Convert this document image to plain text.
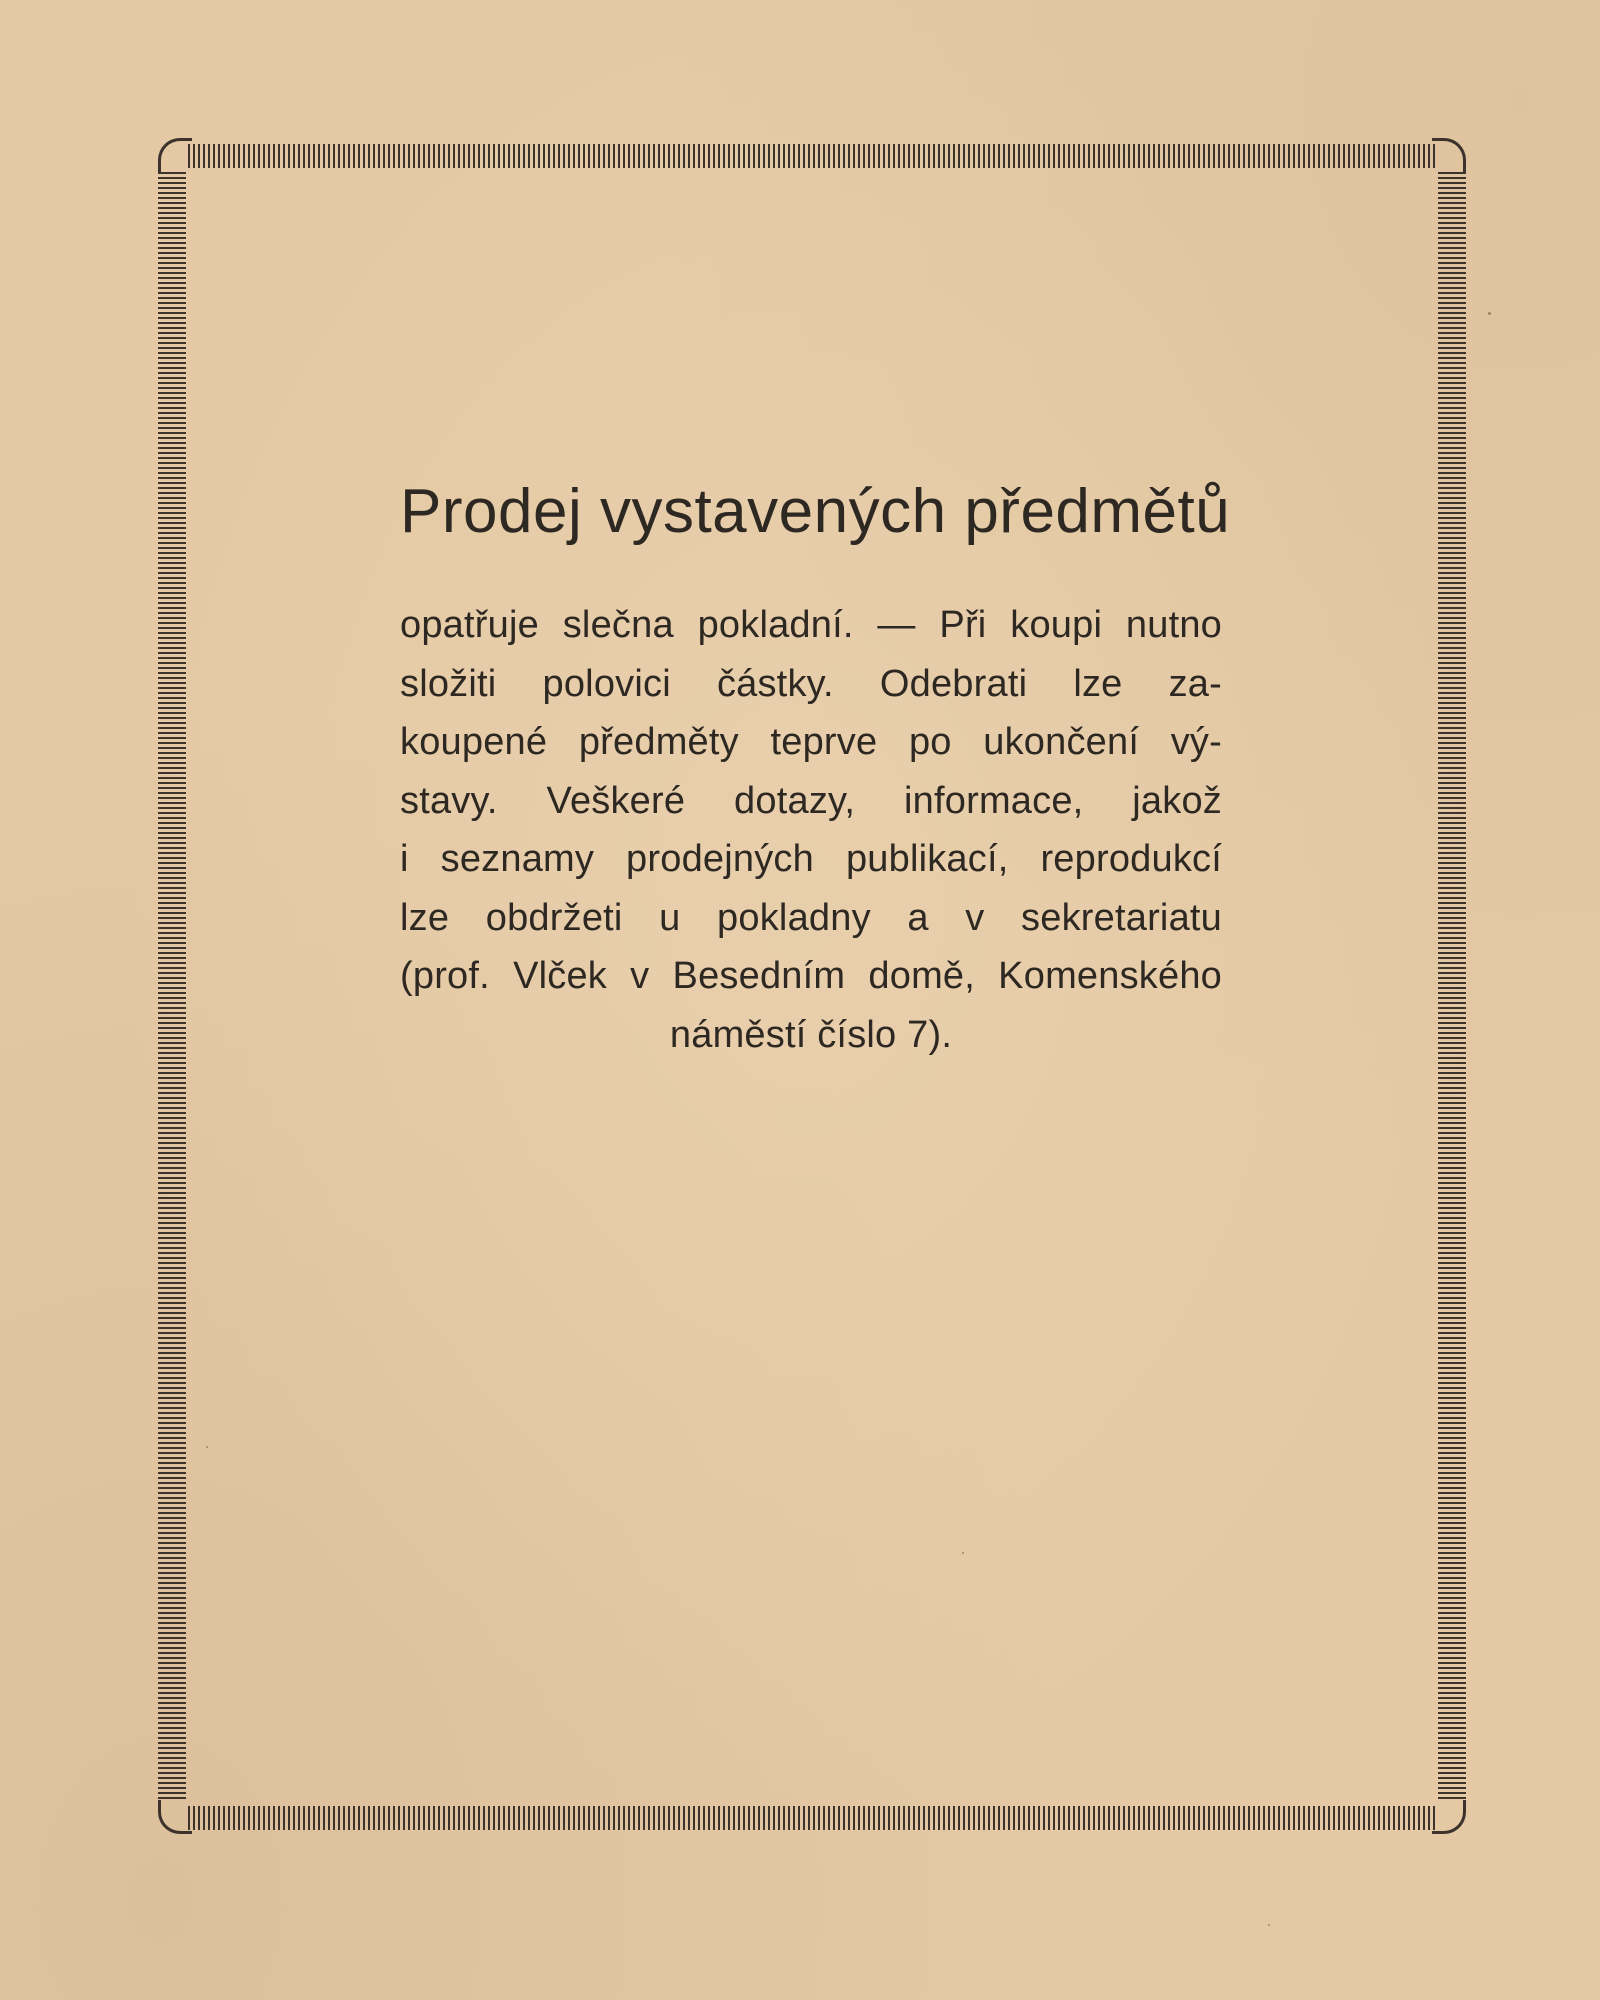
Prodej vystavených předmětů
opatřuje slečna pokladní. — Při koupi nutno
složiti polovici částky. Odebrati lze za-
koupené předměty teprve po ukončení vý-
stavy. Veškeré dotazy, informace, jakož
i seznamy prodejných publikací, reprodukcí
lze obdržeti u pokladny a v sekretariatu
(prof. Vlček v Besedním domě, Komenského
náměstí číslo 7).
